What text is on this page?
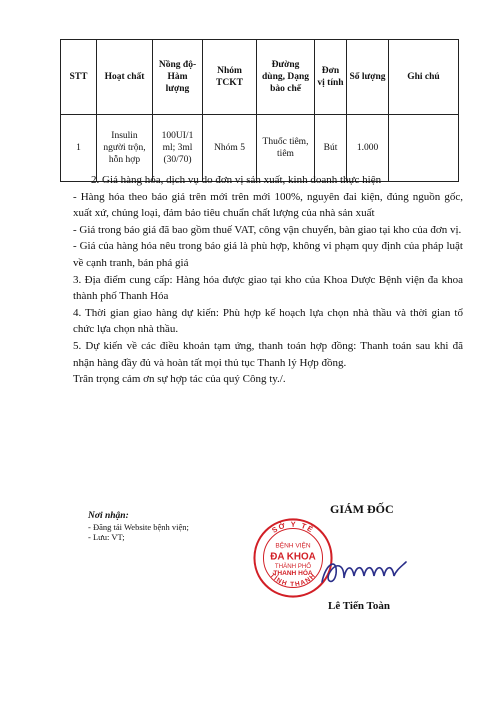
STT	Hoạt chất	Nồng độ-Hàm lượng	Nhóm TCKT	Đường dùng, Dạng bào chế	Đơn vị tính	Số lượng	Ghi chú
1	Insulin người trộn, hỗn hợp	100UI/1 ml; 3ml (30/70)	Nhóm 5	Thuốc tiêm, tiêm	Bút	1.000	

2. Giá hàng hóa, dịch vụ do đơn vị sản xuất, kinh doanh thực hiện

- Hàng hóa theo báo giá trên mới trên mới 100%, nguyên đai kiện, đúng nguồn gốc, xuất xứ, chủng loại, đảm bảo tiêu chuẩn chất lượng của nhà sản xuất

- Giá trong báo giá đã bao gồm thuế VAT, công vận chuyển, bàn giao tại kho của đơn vị.

- Giá của hàng hóa nêu trong báo giá là phù hợp, không vi phạm quy định của pháp luật về cạnh tranh, bán phá giá

3. Địa điểm cung cấp: Hàng hóa được giao tại kho của Khoa Dược Bệnh viện đa khoa thành phố Thanh Hóa

4. Thời gian giao hàng dự kiến: Phù hợp kế hoạch lựa chọn nhà thầu và thời gian tổ chức lựa chọn nhà thầu.

5. Dự kiến về các điều khoản tạm ứng, thanh toán hợp đồng: Thanh toán sau khi đã nhận hàng đầy đủ và hoàn tất mọi thủ tục Thanh lý Hợp đồng.

Trân trọng cảm ơn sự hợp tác của quý Công ty./.

Nơi nhận:
- Đăng tải Website bệnh viện;
- Lưu: VT;
GIÁM ĐỐC
SỞ Y TẾ
TỈNH THANH
BỆNH VIỆN
ĐA KHOA
THÀNH PHỐ
THANH HÓA
Lê Tiến Toàn
